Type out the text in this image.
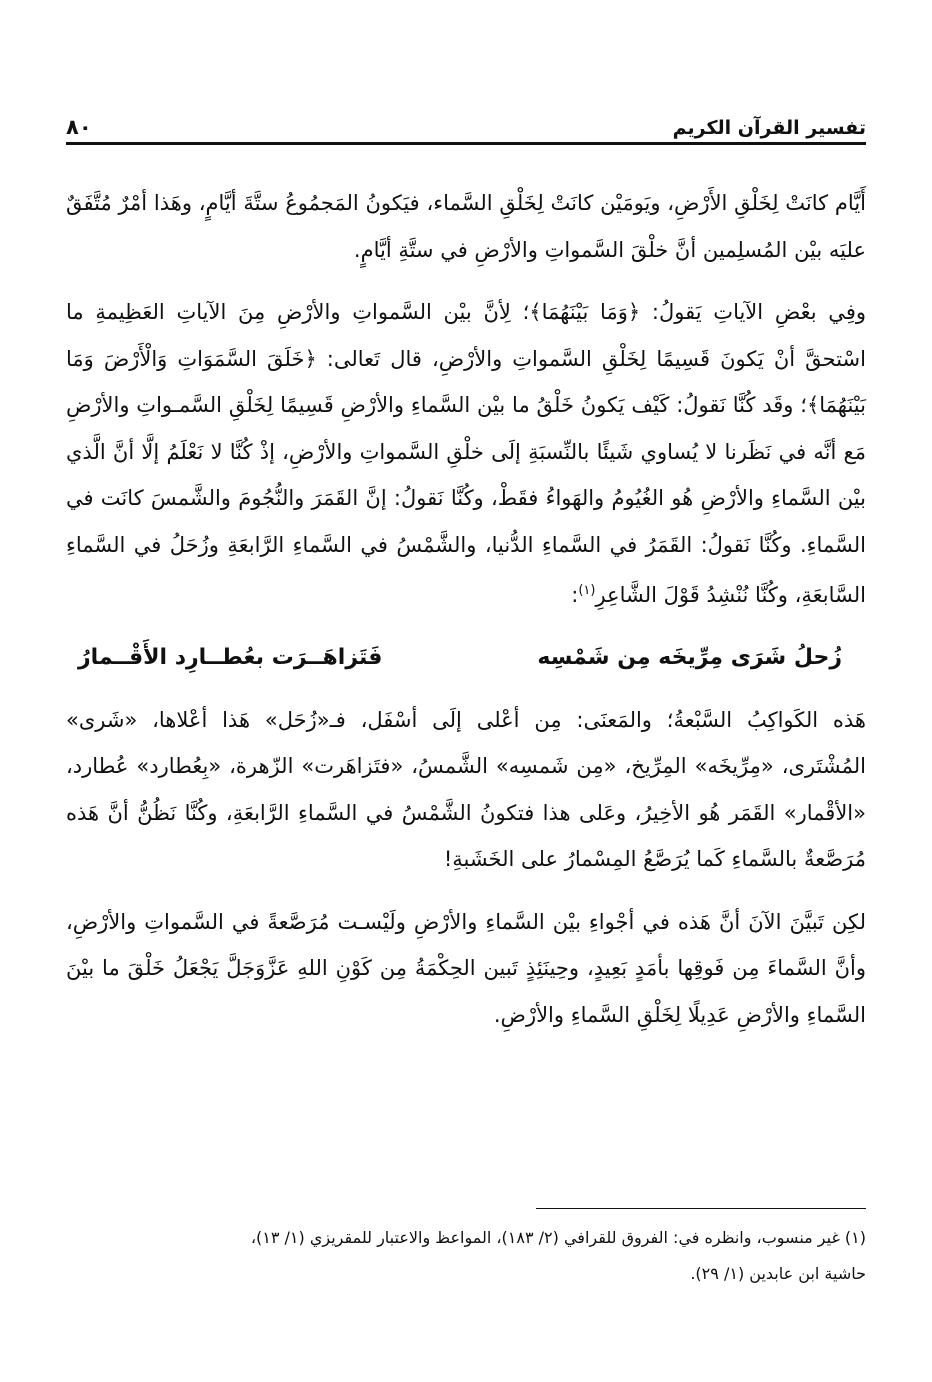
تفسير القرآن الكريم
٨٠

أَيَّام كانَتْ لِخَلْقِ الأَرْضِ، ويَومَيْن كانَتْ لِخَلْقِ السَّماء، فيَكونُ المَجمُوعُ ستَّةَ أيَّامٍ، وهَذا أمْرٌ مُتَّفَقٌ عليَه بيْن المُسلِمين أنَّ خلْقَ السَّمواتِ والأرْضِ في ستَّةِ أيَّامٍ.

وفِي بعْضِ الآياتِ يَقولُ: ﴿وَمَا بَيْنَهُمَا﴾؛ لِأنَّ بيْن السَّمواتِ والأرْضِ مِنَ الآياتِ العَظِيمةِ ما اسْتحقَّ أنْ يَكونَ قَسِيمًا لِخَلْقِ السَّمواتِ والأرْضِ، قال تَعالى: ﴿خَلَقَ السَّمَوَاتِ وَالْأَرْضَ وَمَا بَيْنَهُمَا﴾؛ وقَد كُنَّا نَقولُ: كَيْف يَكونُ خَلْقُ ما بيْن السَّماءِ والأرْضِ قَسِيمًا لِخَلْقِ السَّمـواتِ والأرْضِ مَع أنَّه في نَظَرنا لا يُساوي شَيئًا بالنِّسبَةِ إلَى خلْقِ السَّمواتِ والأرْضِ، إذْ كُنَّا لا نَعْلَمُ إلَّا أنَّ الَّذي بيْن السَّماءِ والأرْضِ هُو الغُيُومُ والهَواءُ فقَطْ، وكُنَّا نَقولُ: إنَّ القَمَرَ والنُّجُومَ والشَّمسَ كانَت في السَّماءِ. وكُنَّا نَقولُ: القَمَرُ في السَّماءِ الدُّنيا، والشَّمْسُ في السَّماءِ الرَّابعَةِ وزُحَلُ في السَّماءِ السَّابعَةِ، وكُنَّا نُنْشِدُ قَوْلَ الشَّاعِرِ$^{(١)}$:

زُحلُ شَرَى مِرِّيخَه مِن شَمْسِه
فَتَزاهَــرَت بعُطــارِد الأَقْــمارُ

هَذه الكَواكِبُ السَّبْعةُ؛ والمَعنَى: مِن أعْلى إلَى أسْفَل، فـ«زُحَل» هَذا أعْلاها، «شَرى» المُشْتَرى، «مِرِّيخَه» المِرِّيخ، «مِن شَمسِه» الشَّمسُ، «فتَزاهَرت» الزّهرة، «بِعُطارد» عُطارد، «الأقْمار» القَمَر هُو الأخِيرُ، وعَلى هذا فتكونُ الشَّمْسُ في السَّماءِ الرَّابعَةِ، وكُنَّا نَظُنُّ أنَّ هَذه مُرَصَّعةٌ بالسَّماءِ كَما يُرَصَّعُ المِسْمارُ على الخَشَبةِ!

لكِن تَبيَّنَ الآنَ أنَّ هَذه في أجْواءِ بيْن السَّماءِ والأرْضِ ولَيْسـت مُرَصَّعةً في السَّمواتِ والأرْضِ، وأنَّ السَّماءَ مِن فَوقِها بأمَدٍ بَعِيدٍ، وحِينَئِذٍ تَبين الحِكْمَةُ مِن كَوْنِ اللهِ عَزَّوَجَلَّ يَجْعَلُ خَلْقَ ما بيْنَ السَّماءِ والأرْضِ عَدِيلًا لِخَلْقِ السَّماءِ والأرْضِ.

(١) غير منسوب، وانظره في: الفروق للقرافي (٢/ ١٨٣)، المواعظ والاعتبار للمقريزي (١/ ١٣)،

حاشية ابن عابدين (١/ ٢٩).
